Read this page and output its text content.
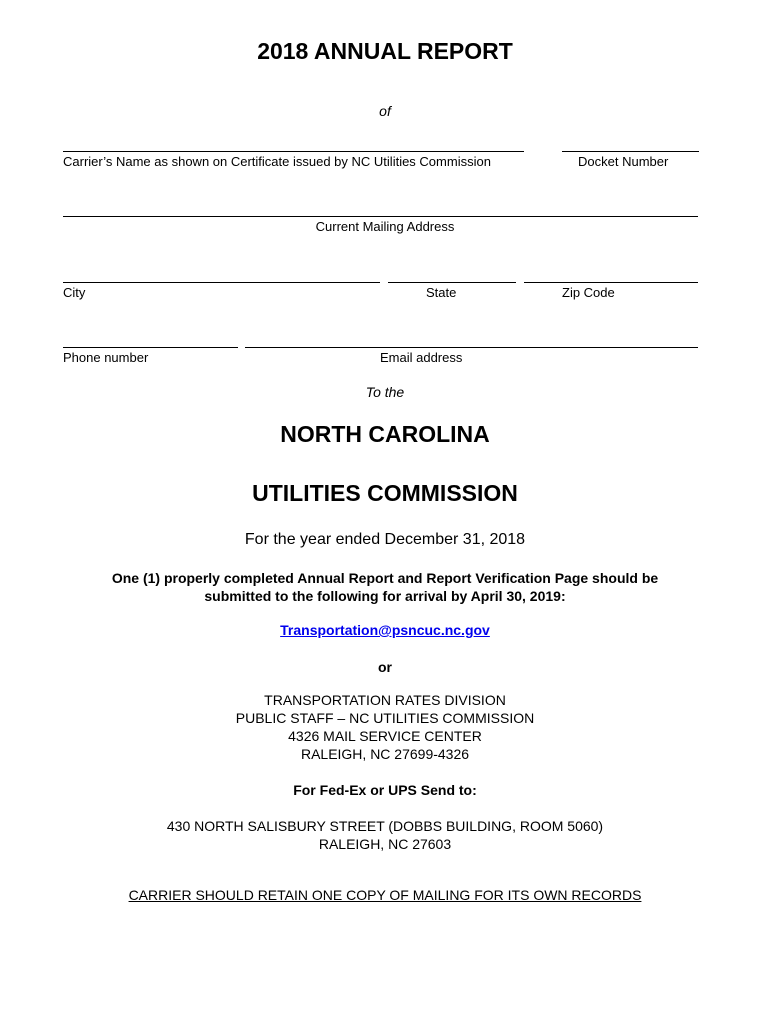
2018 ANNUAL REPORT
of
Carrier’s Name as shown on Certificate issued by NC Utilities Commission	Docket Number
Current Mailing Address
City	State	Zip Code
Phone number	Email address
To the
NORTH CAROLINA
UTILITIES COMMISSION
For the year ended December 31, 2018
One (1) properly completed Annual Report and Report Verification Page should be
submitted to the following for arrival by April 30, 2019:
Transportation@psncuc.nc.gov
or
TRANSPORTATION RATES DIVISION
PUBLIC STAFF – NC UTILITIES COMMISSION
4326 MAIL SERVICE CENTER
RALEIGH, NC 27699-4326
For Fed-Ex or UPS Send to:
430 NORTH SALISBURY STREET (DOBBS BUILDING, ROOM 5060)
RALEIGH, NC 27603
CARRIER SHOULD RETAIN ONE COPY OF MAILING FOR ITS OWN RECORDS
